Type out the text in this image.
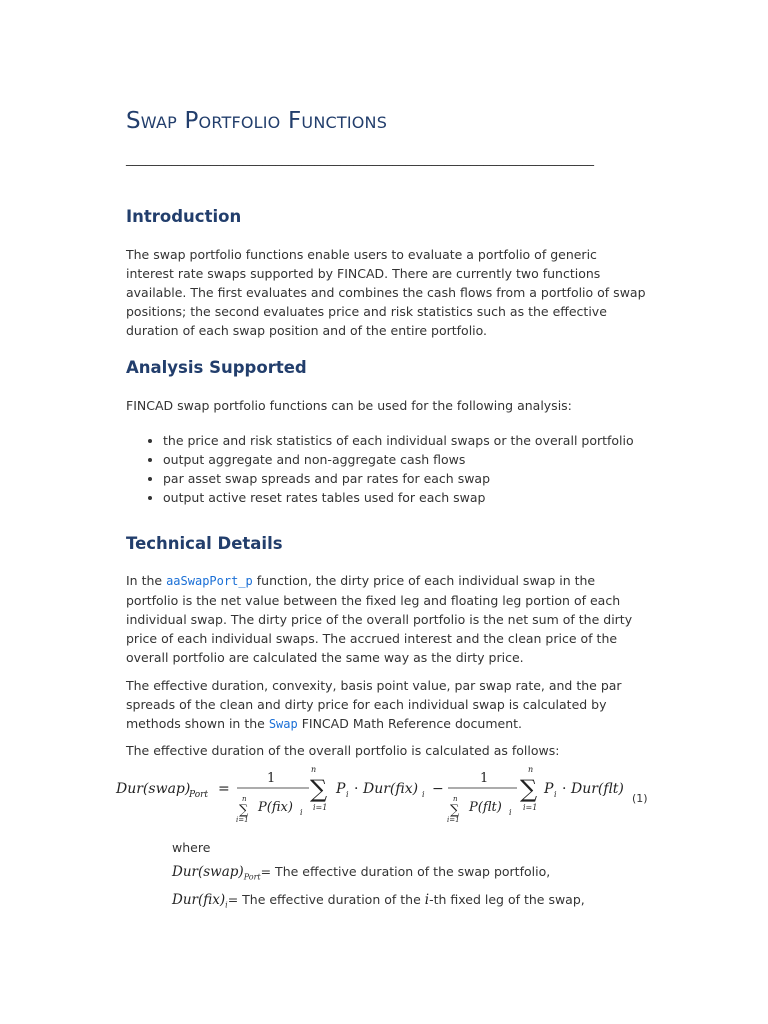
Swap Portfolio Functions
________________________________________________________________________
Introduction

The swap portfolio functions enable users to evaluate a portfolio of generic interest rate swaps supported by FINCAD. There are currently two functions available. The first evaluates and combines the cash flows from a portfolio of swap positions; the second evaluates price and risk statistics such as the effective duration of each swap position and of the entire portfolio.

Analysis Supported

FINCAD swap portfolio functions can be used for the following analysis:

• the price and risk statistics of each individual swaps or the overall portfolio
• output aggregate and non-aggregate cash flows
• par asset swap spreads and par rates for each swap
• output active reset rates tables used for each swap
Technical Details

In the aaSwapPort_p function, the dirty price of each individual swap in the portfolio is the net value between the fixed leg and floating leg portion of each individual swap. The dirty price of the overall portfolio is the net sum of the dirty price of each individual swaps. The accrued interest and the clean price of the overall portfolio are calculated the same way as the dirty price.

The effective duration, convexity, basis point value, par swap rate, and the par spreads of the clean and dirty price for each individual swap is calculated by methods shown in the Swap FINCAD Math Reference document.

The effective duration of the overall portfolio is calculated as follows:

Dur(swap)
Port =
1
∑
n
i=1
P(fix) i
n
∑
i=1
P i · Dur(fix) i −
1
∑
n
i=1
P(flt) i
n
∑
i=1
P i · Dur(flt)
(1)
where
$Dur(swap)_{Port}=$ The effective duration of the swap portfolio,
$Dur(fix)_i=$ The effective duration of the i-th fixed leg of the swap,
